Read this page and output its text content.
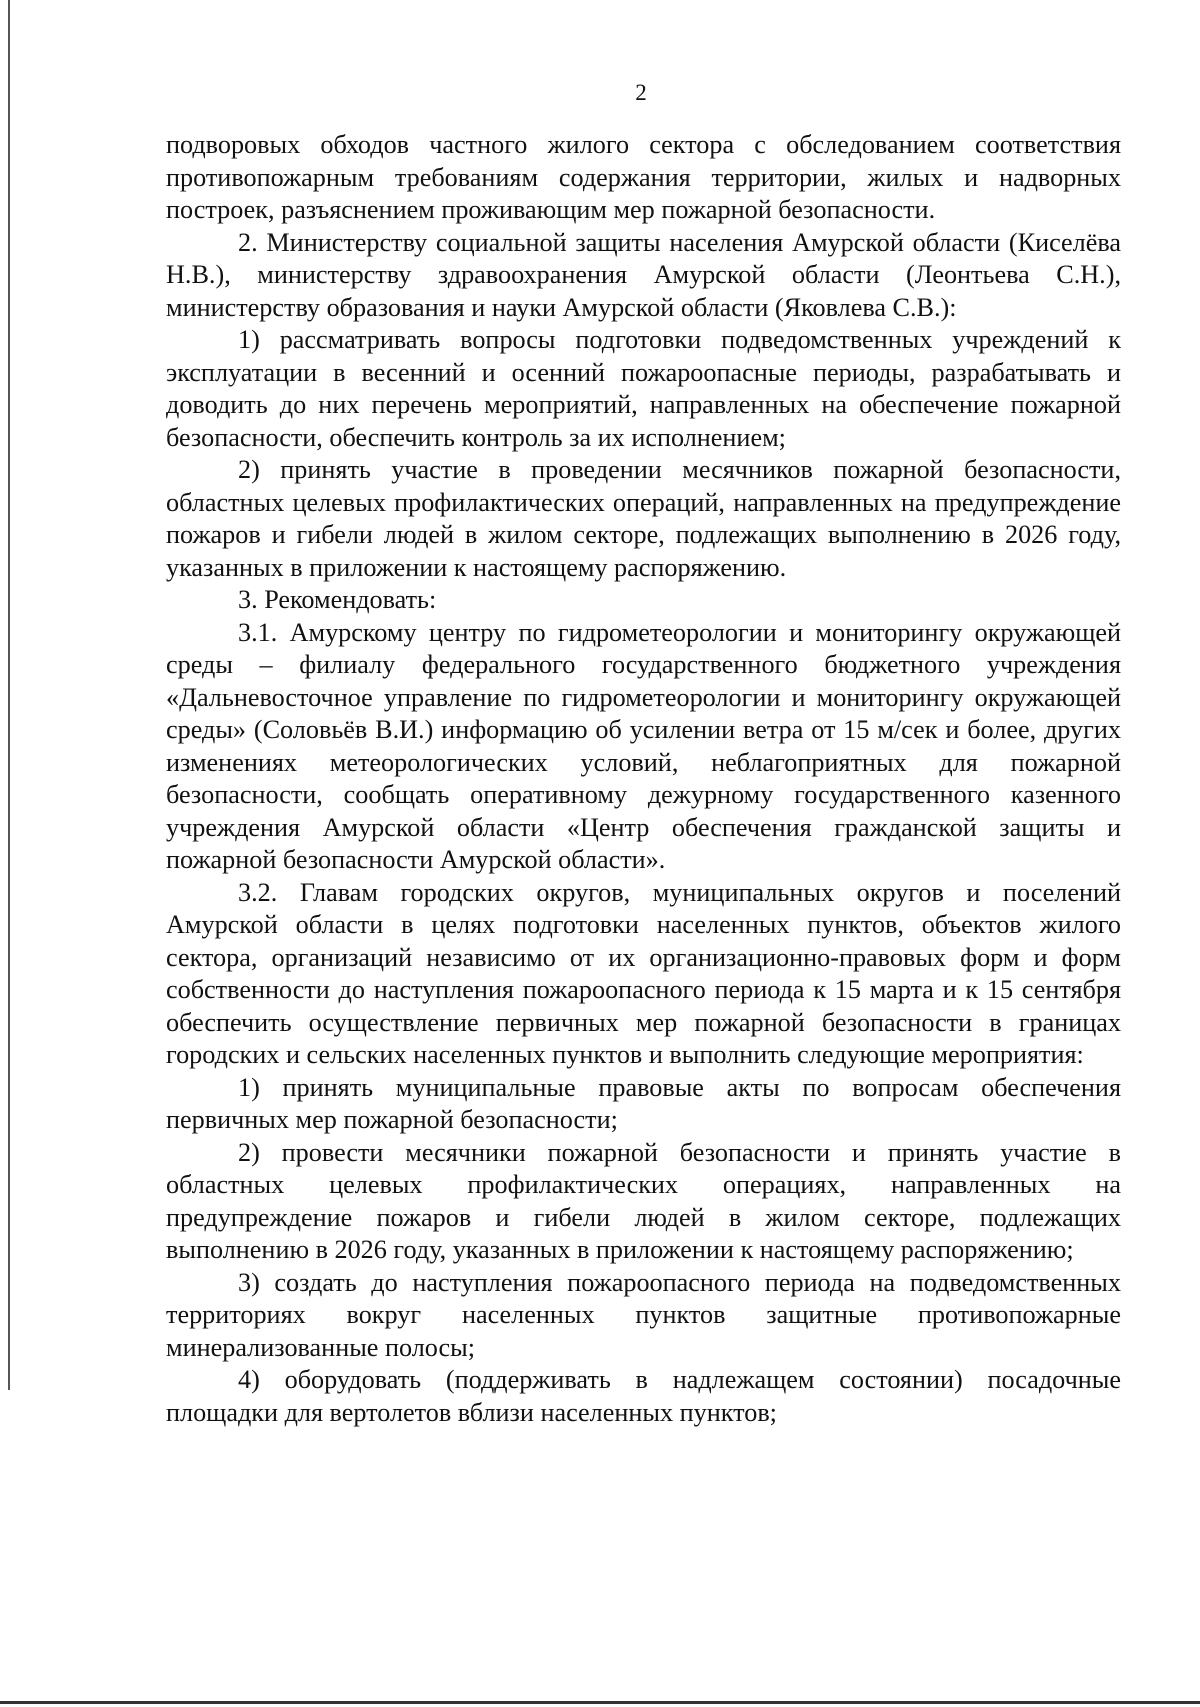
2

подворовых обходов частного жилого сектора с обследованием соответствия противопожарным требованиям содержания территории, жилых и надворных построек, разъяснением проживающим мер пожарной безопасности.

2. Министерству социальной защиты населения Амурской области (Киселёва Н.В.), министерству здравоохранения Амурской области (Леонтьева С.Н.), министерству образования и науки Амурской области (Яковлева С.В.):

1) рассматривать вопросы подготовки подведомственных учреждений к эксплуатации в весенний и осенний пожароопасные периоды, разрабатывать и доводить до них перечень мероприятий, направленных на обеспечение пожарной безопасности, обеспечить контроль за их исполнением;

2) принять участие в проведении месячников пожарной безопасности, областных целевых профилактических операций, направленных на предупреждение пожаров и гибели людей в жилом секторе, подлежащих выполнению в 2026 году, указанных в приложении к настоящему распоряжению.

3. Рекомендовать:

3.1. Амурскому центру по гидрометеорологии и мониторингу окружающей среды – филиалу федерального государственного бюджетного учреждения «Дальневосточное управление по гидрометеорологии и мониторингу окружающей среды» (Соловьёв В.И.) информацию об усилении ветра от 15 м/сек и более, других изменениях метеорологических условий, неблагоприятных для пожарной безопасности, сообщать оперативному дежурному государственного казенного учреждения Амурской области «Центр обеспечения гражданской защиты и пожарной безопасности Амурской области».

3.2. Главам городских округов, муниципальных округов и поселений Амурской области в целях подготовки населенных пунктов, объектов жилого сектора, организаций независимо от их организационно-правовых форм и форм собственности до наступления пожароопасного периода к 15 марта и к 15 сентября обеспечить осуществление первичных мер пожарной безопасности в границах городских и сельских населенных пунктов и выполнить следующие мероприятия:

1) принять муниципальные правовые акты по вопросам обеспечения первичных мер пожарной безопасности;

2) провести месячники пожарной безопасности и принять участие в областных целевых профилактических операциях, направленных на предупреждение пожаров и гибели людей в жилом секторе, подлежащих выполнению в 2026 году, указанных в приложении к настоящему распоряжению;

3) создать до наступления пожароопасного периода на подведомственных территориях вокруг населенных пунктов защитные противопожарные минерализованные полосы;

4) оборудовать (поддерживать в надлежащем состоянии) посадочные площадки для вертолетов вблизи населенных пунктов;
